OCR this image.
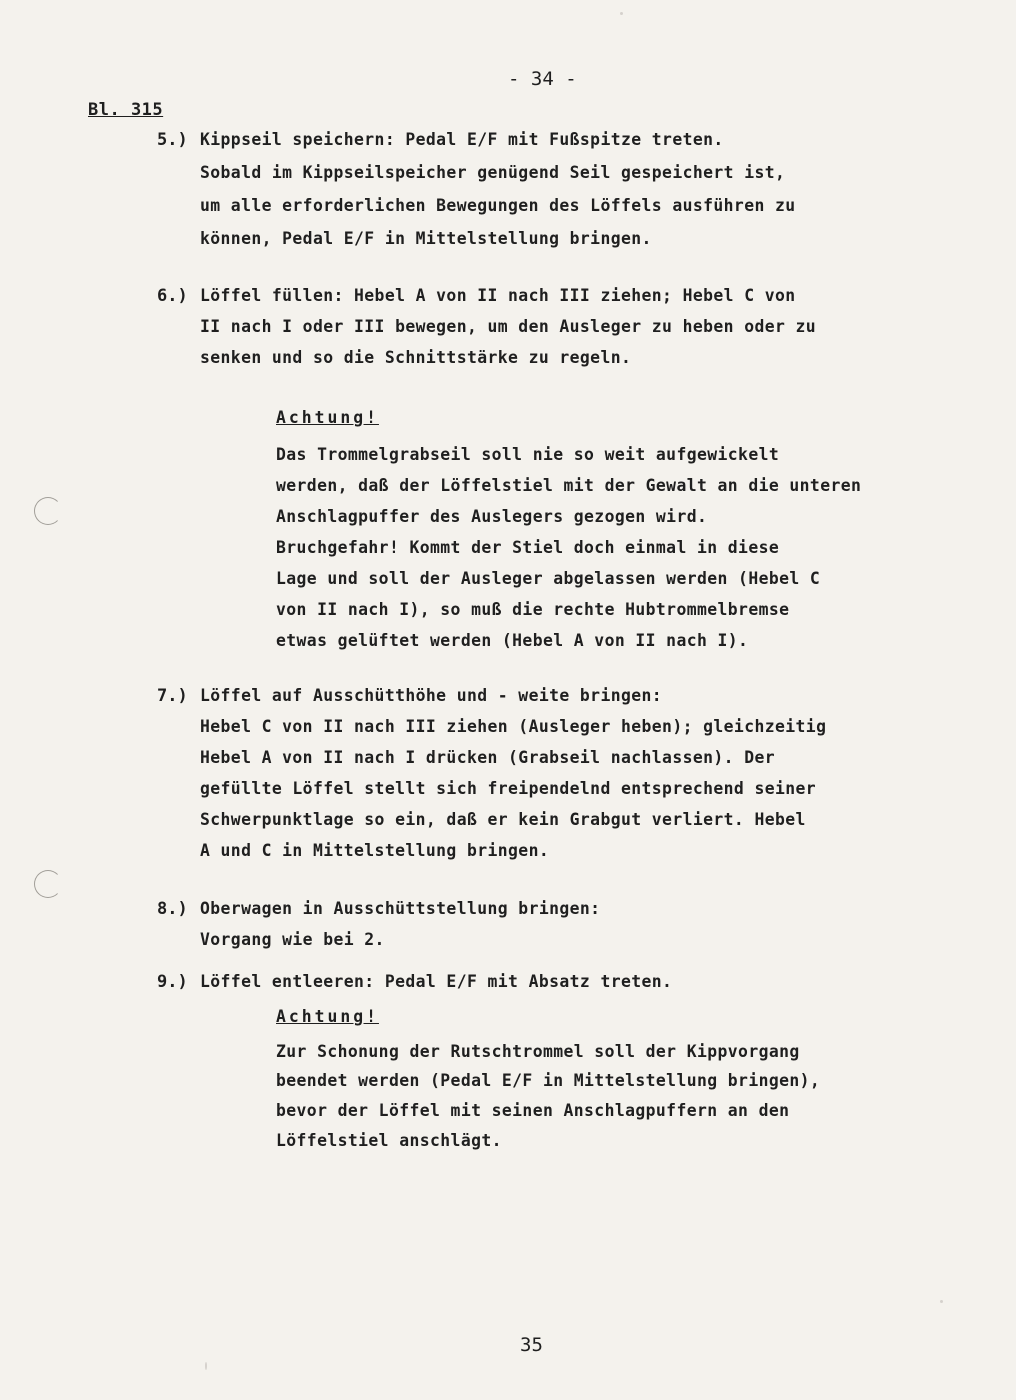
Bl. 315
- 34 -
5.) Kippseil speichern: Pedal E/F mit Fußspitze treten.
Sobald im Kippseilspeicher genügend Seil gespeichert ist,
um alle erforderlichen Bewegungen des Löffels ausführen zu
können, Pedal E/F in Mittelstellung bringen.
6.) Löffel füllen: Hebel A von II nach III ziehen; Hebel C von
II nach I oder III bewegen, um den Ausleger zu heben oder zu
senken und so die Schnittstärke zu regeln.
Achtung!
Das Trommelgrabseil soll nie so weit aufgewickelt
werden, daß der Löffelstiel mit der Gewalt an die unteren
Anschlagpuffer des Auslegers gezogen wird.
Bruchgefahr! Kommt der Stiel doch einmal in diese
Lage und soll der Ausleger abgelassen werden (Hebel C
von II nach I), so muß die rechte Hubtrommelbremse
etwas gelüftet werden (Hebel A von II nach I).
7.) Löffel auf Ausschütthöhe und - weite bringen:
Hebel C von II nach III ziehen (Ausleger heben); gleichzeitig
Hebel A von II nach I drücken (Grabseil nachlassen). Der
gefüllte Löffel stellt sich freipendelnd entsprechend seiner
Schwerpunktlage so ein, daß er kein Grabgut verliert. Hebel
A und C in Mittelstellung bringen.
8.) Oberwagen in Ausschüttstellung bringen:
Vorgang wie bei 2.
9.) Löffel entleeren: Pedal E/F mit Absatz treten.
Achtung!
Zur Schonung der Rutschtrommel soll der Kippvorgang
beendet werden (Pedal E/F in Mittelstellung bringen),
bevor der Löffel mit seinen Anschlagpuffern an den
Löffelstiel anschlägt.
35
